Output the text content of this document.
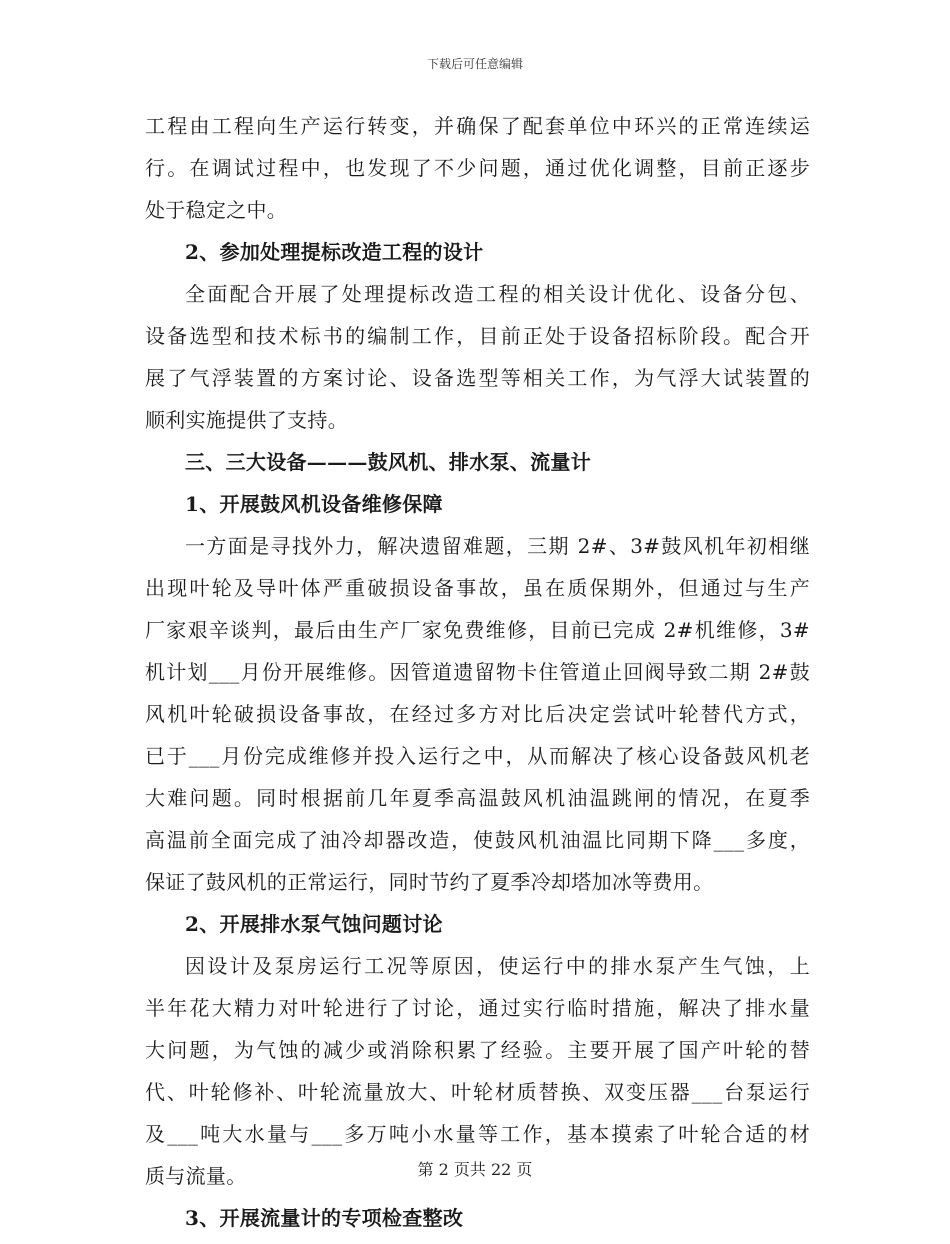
下载后可任意编辑
工程由工程向生产运行转变，并确保了配套单位中环兴的正常连续运
行。在调试过程中，也发现了不少问题，通过优化调整，目前正逐步
处于稳定之中。
2、参加处理提标改造工程的设计
全面配合开展了处理提标改造工程的相关设计优化、设备分包、
设备选型和技术标书的编制工作，目前正处于设备招标阶段。配合开
展了气浮装置的方案讨论、设备选型等相关工作，为气浮大试装置的
顺利实施提供了支持。
三、三大设备———鼓风机、排水泵、流量计
1、开展鼓风机设备维修保障
一方面是寻找外力，解决遗留难题，三期 2#、3#鼓风机年初相继
出现叶轮及导叶体严重破损设备事故，虽在质保期外，但通过与生产
厂家艰辛谈判，最后由生产厂家免费维修，目前已完成 2#机维修，3#
机计划___月份开展维修。因管道遗留物卡住管道止回阀导致二期 2#鼓
风机叶轮破损设备事故，在经过多方对比后决定尝试叶轮替代方式，
已于___月份完成维修并投入运行之中，从而解决了核心设备鼓风机老
大难问题。同时根据前几年夏季高温鼓风机油温跳闸的情况，在夏季
高温前全面完成了油冷却器改造，使鼓风机油温比同期下降___多度，
保证了鼓风机的正常运行，同时节约了夏季冷却塔加冰等费用。
2、开展排水泵气蚀问题讨论
因设计及泵房运行工况等原因，使运行中的排水泵产生气蚀，上
半年花大精力对叶轮进行了讨论，通过实行临时措施，解决了排水量
大问题，为气蚀的减少或消除积累了经验。主要开展了国产叶轮的替
代、叶轮修补、叶轮流量放大、叶轮材质替换、双变压器___台泵运行
及___吨大水量与___多万吨小水量等工作，基本摸索了叶轮合适的材
质与流量。
3、开展流量计的专项检查整改
第 2 页共 22 页
